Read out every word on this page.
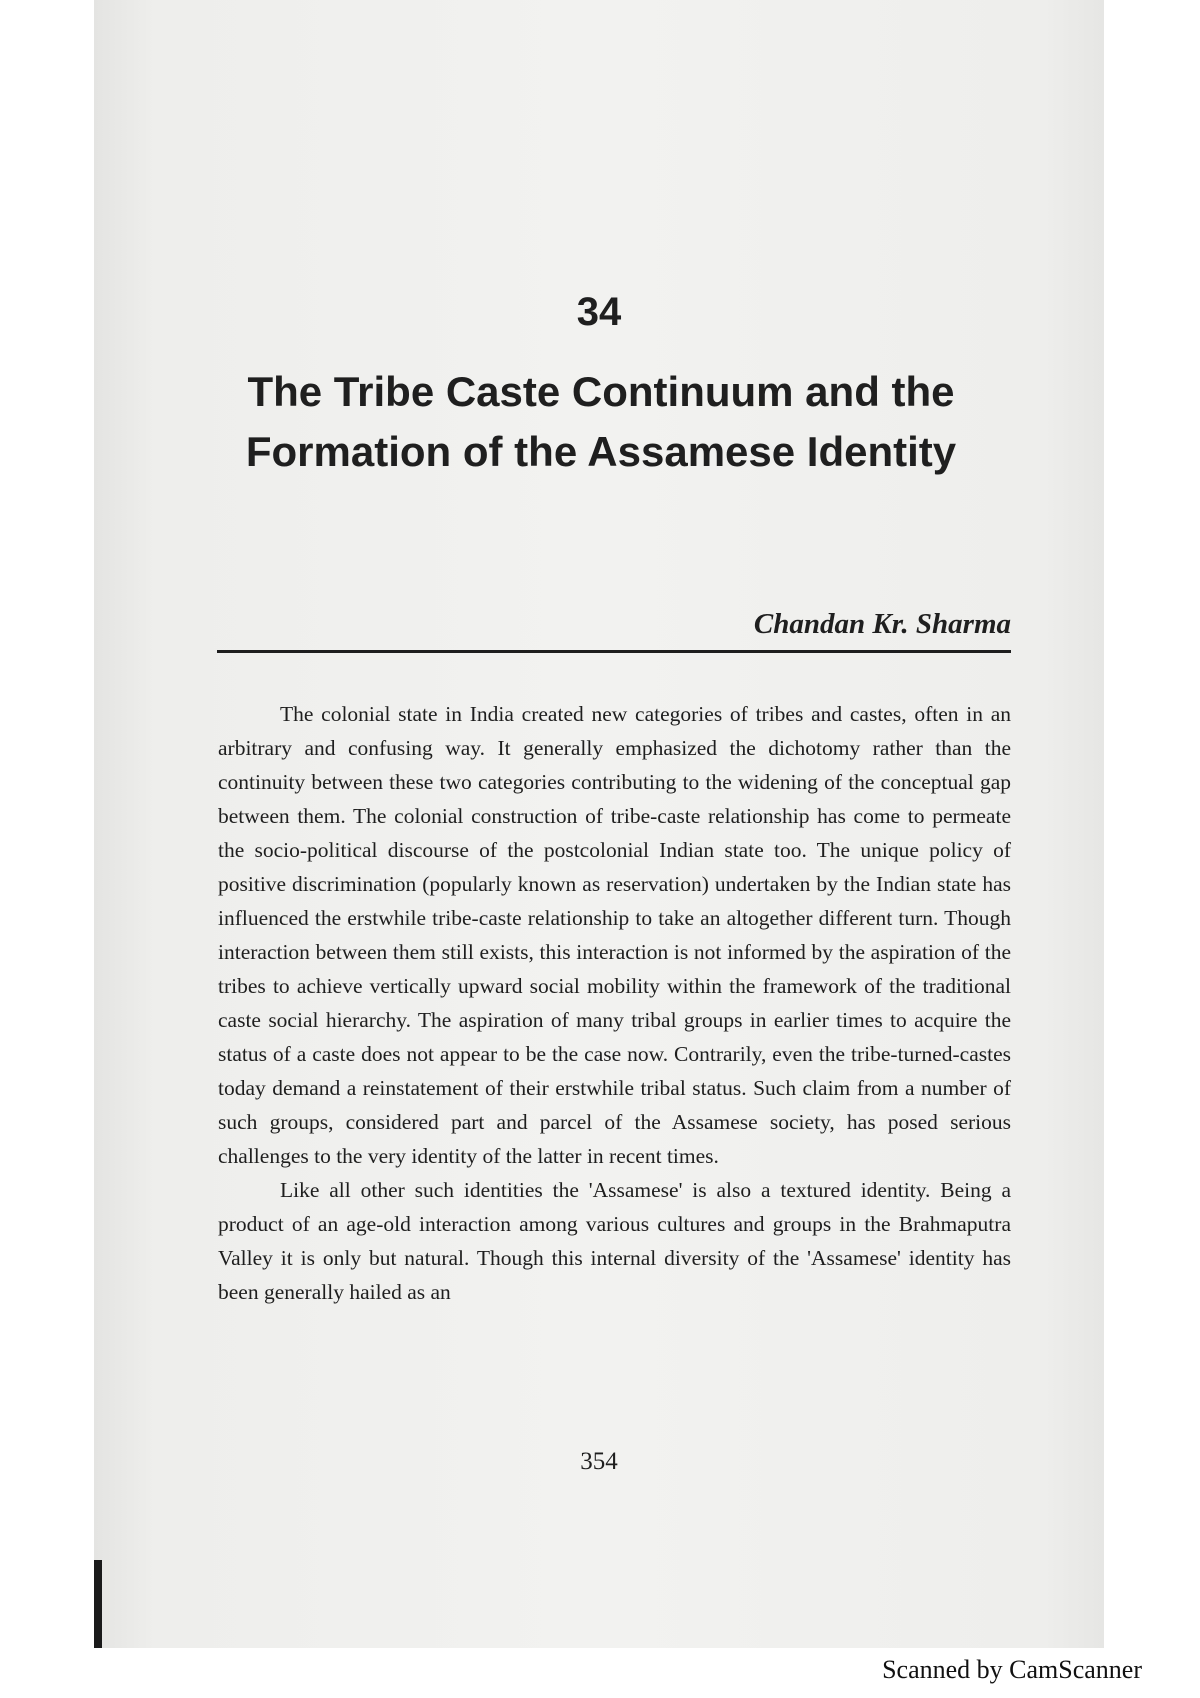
34
The Tribe Caste Continuum and the Formation of the Assamese Identity
Chandan Kr. Sharma

The colonial state in India created new categories of tribes and castes, often in an arbitrary and confusing way. It generally emphasized the dichotomy rather than the continuity between these two categories contributing to the widening of the conceptual gap between them. The colonial construction of tribe-caste relationship has come to permeate the socio-political discourse of the postcolonial Indian state too. The unique policy of positive discrimination (popularly known as reservation) undertaken by the Indian state has influenced the erstwhile tribe-caste relationship to take an altogether different turn. Though interaction between them still exists, this interaction is not informed by the aspiration of the tribes to achieve vertically upward social mobility within the framework of the traditional caste social hierarchy. The aspiration of many tribal groups in earlier times to acquire the status of a caste does not appear to be the case now. Contrarily, even the tribe-turned-castes today demand a reinstatement of their erstwhile tribal status. Such claim from a number of such groups, considered part and parcel of the Assamese society, has posed serious challenges to the very identity of the latter in recent times.

Like all other such identities the 'Assamese' is also a textured identity. Being a product of an age-old interaction among various cultures and groups in the Brahmaputra Valley it is only but natural. Though this internal diversity of the 'Assamese' identity has been generally hailed as an

354
Scanned by CamScanner
